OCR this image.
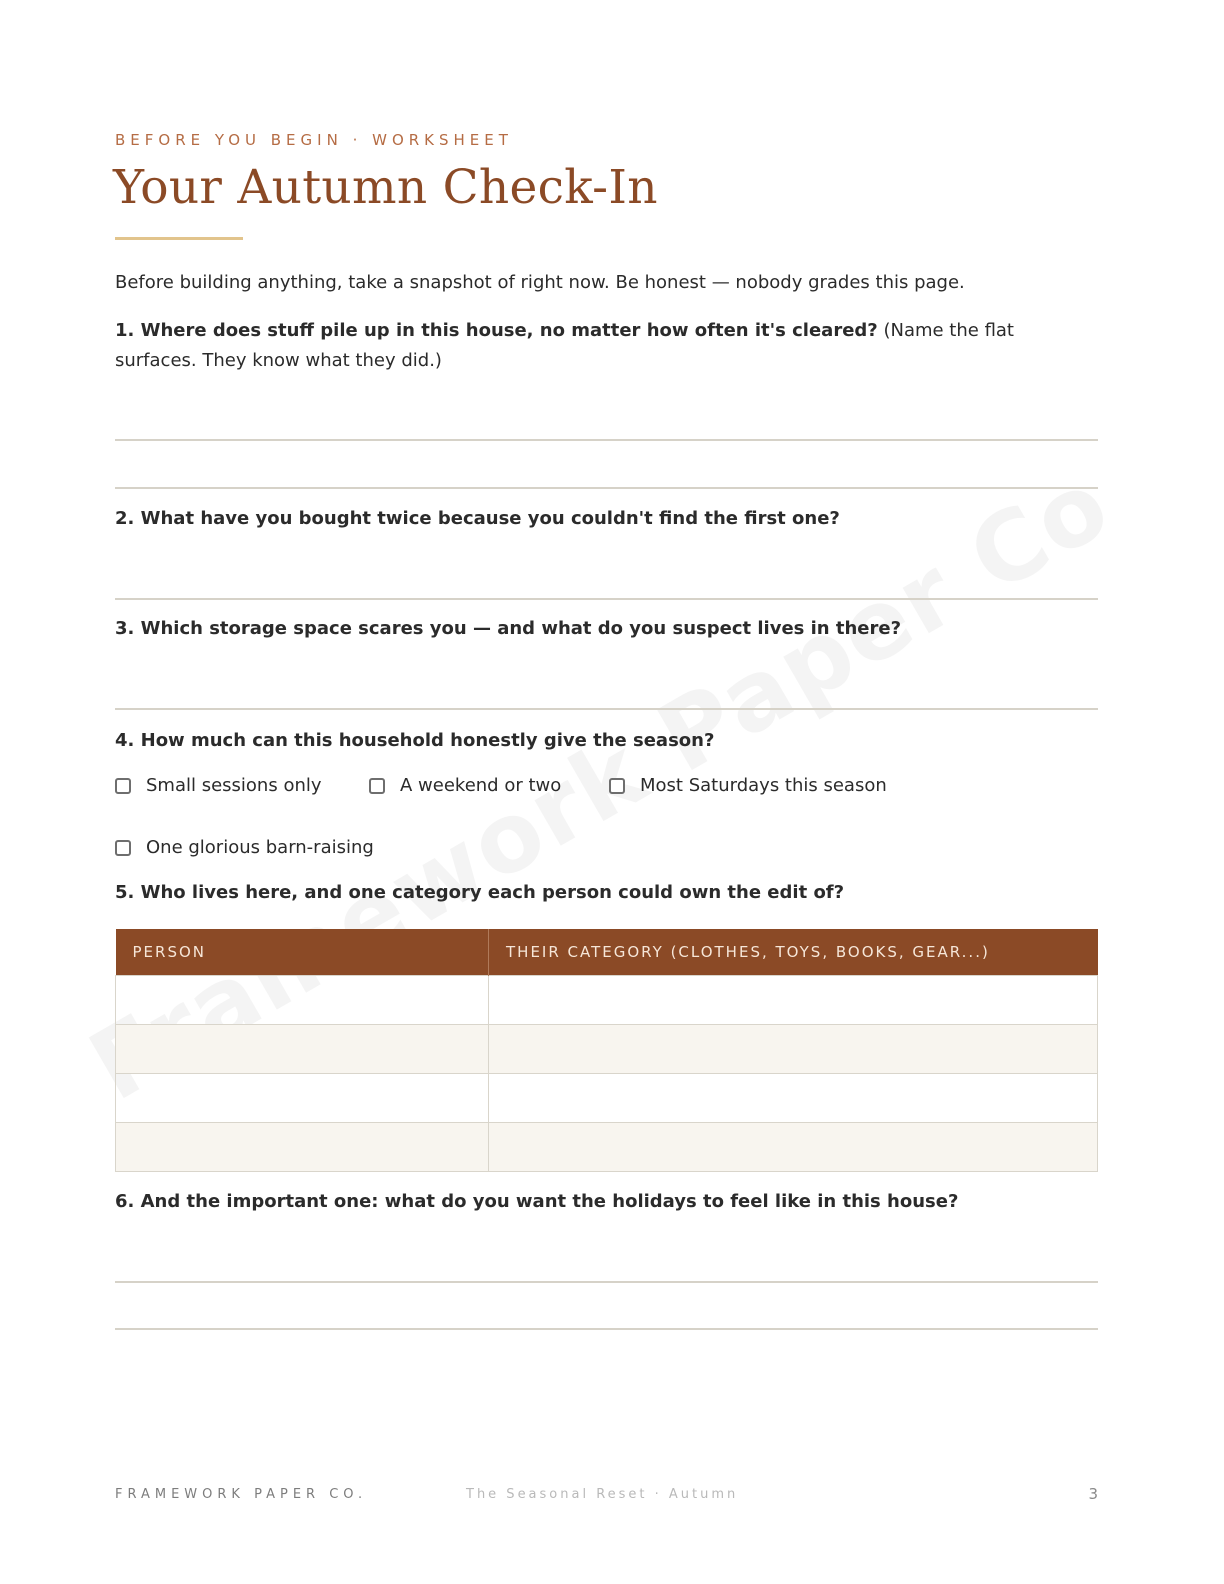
BEFORE YOU BEGIN · WORKSHEET
Your Autumn Check-In
Before building anything, take a snapshot of right now. Be honest — nobody grades this page.
1. Where does stuff pile up in this house, no matter how often it's cleared? (Name the flat surfaces. They know what they did.)
2. What have you bought twice because you couldn't find the first one?
3. Which storage space scares you — and what do you suspect lives in there?
4. How much can this household honestly give the season?
Small sessions only	A weekend or two	Most Saturdays this season
One glorious barn-raising
5. Who lives here, and one category each person could own the edit of?
PERSON	THEIR CATEGORY (CLOTHES, TOYS, BOOKS, GEAR...)

6. And the important one: what do you want the holidays to feel like in this house?
FRAMEWORK PAPER CO.	The Seasonal Reset · Autumn	3
